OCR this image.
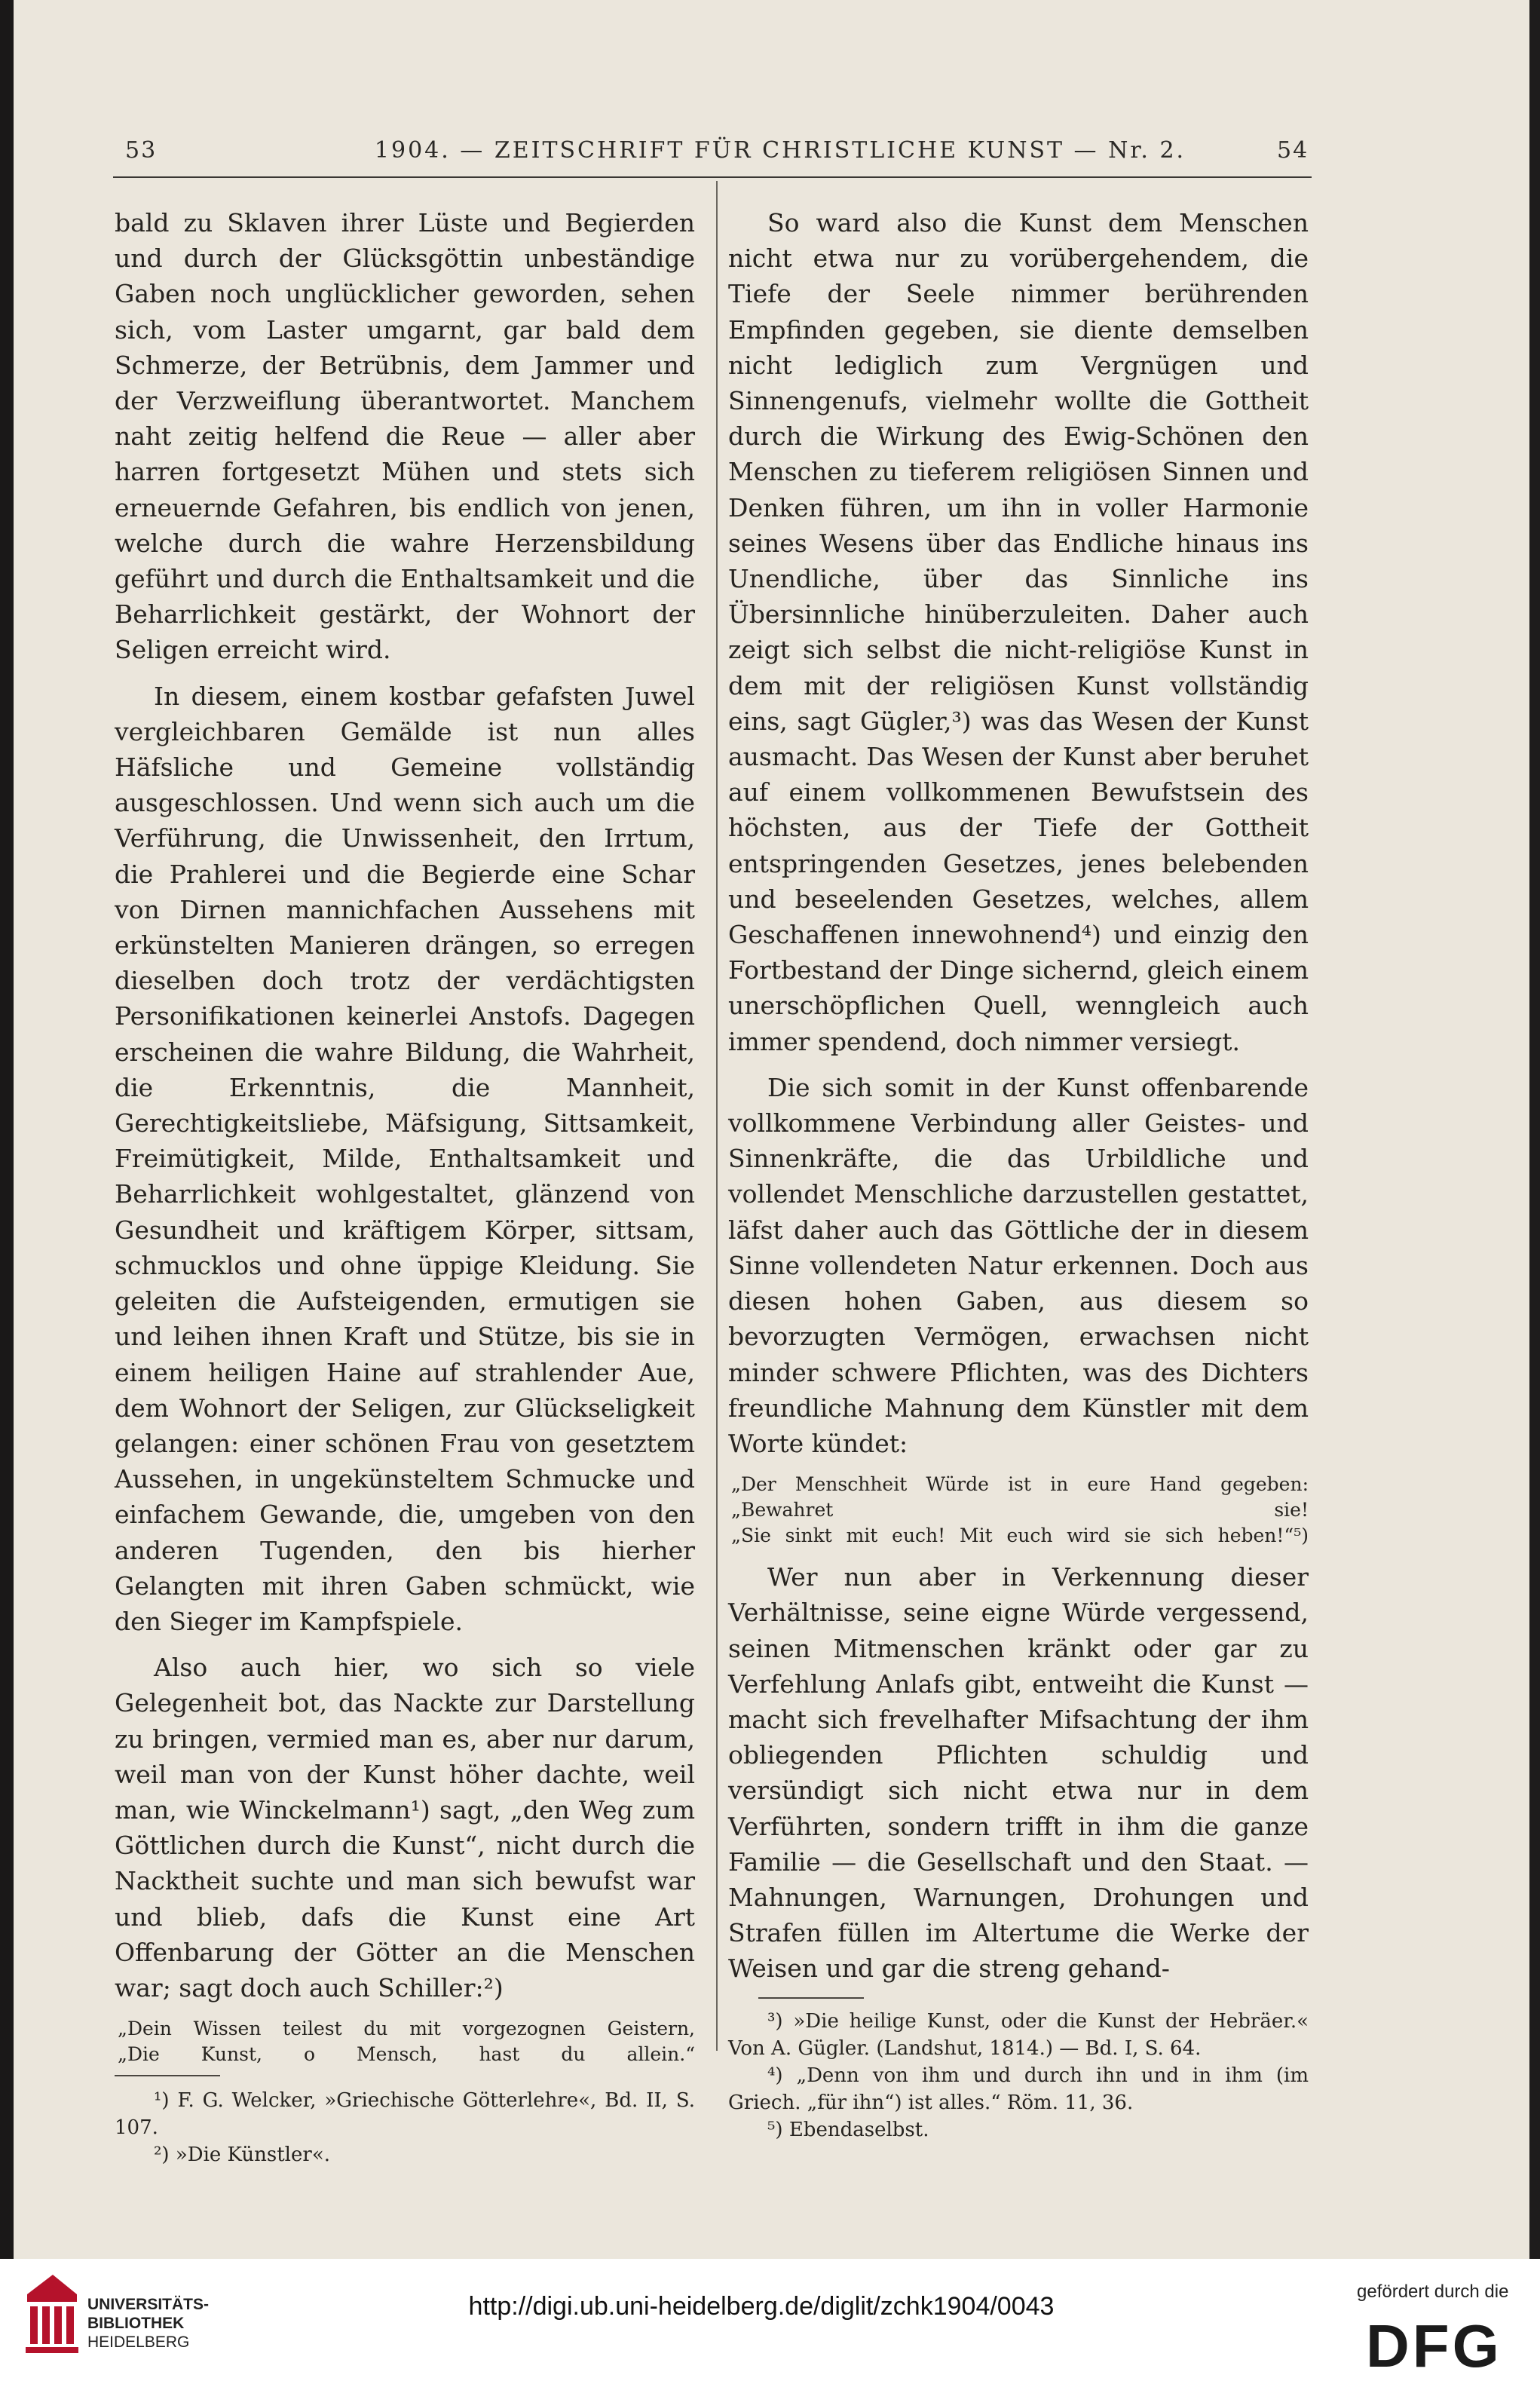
53	1904. — ZEITSCHRIFT FÜR CHRISTLICHE KUNST — Nr. 2.	54

bald zu Sklaven ihrer Lüste und Begierden und durch der Glücksgöttin unbeständige Gaben noch unglücklicher geworden, sehen sich, vom Laster umgarnt, gar bald dem Schmerze, der Betrübnis, dem Jammer und der Verzweiflung überantwortet. Manchem naht zeitig helfend die Reue — aller aber harren fortgesetzt Mühen und stets sich erneuernde Gefahren, bis endlich von jenen, welche durch die wahre Herzensbildung geführt und durch die Enthaltsamkeit und die Beharrlichkeit gestärkt, der Wohnort der Seligen erreicht wird.

In diesem, einem kostbar gefafsten Juwel vergleichbaren Gemälde ist nun alles Häfsliche und Gemeine vollständig ausgeschlossen. Und wenn sich auch um die Verführung, die Unwissenheit, den Irrtum, die Prahlerei und die Begierde eine Schar von Dirnen mannichfachen Aussehens mit erkünstelten Manieren drängen, so erregen dieselben doch trotz der verdächtigsten Personifikationen keinerlei Anstofs. Dagegen erscheinen die wahre Bildung, die Wahrheit, die Erkenntnis, die Mannheit, Gerechtigkeitsliebe, Mäfsigung, Sittsamkeit, Freimütigkeit, Milde, Enthaltsamkeit und Beharrlichkeit wohlgestaltet, glänzend von Gesundheit und kräftigem Körper, sittsam, schmucklos und ohne üppige Kleidung. Sie geleiten die Aufsteigenden, ermutigen sie und leihen ihnen Kraft und Stütze, bis sie in einem heiligen Haine auf strahlender Aue, dem Wohnort der Seligen, zur Glückseligkeit gelangen: einer schönen Frau von gesetztem Aussehen, in ungekünsteltem Schmucke und einfachem Gewande, die, umgeben von den anderen Tugenden, den bis hierher Gelangten mit ihren Gaben schmückt, wie den Sieger im Kampfspiele.

Also auch hier, wo sich so viele Gelegenheit bot, das Nackte zur Darstellung zu bringen, vermied man es, aber nur darum, weil man von der Kunst höher dachte, weil man, wie Winckelmann¹) sagt, „den Weg zum Göttlichen durch die Kunst“, nicht durch die Nacktheit suchte und man sich bewufst war und blieb, dafs die Kunst eine Art Offenbarung der Götter an die Menschen war; sagt doch auch Schiller:²)

„Dein Wissen teilest du mit vorgezognen Geistern,

„Die Kunst, o Mensch, hast du allein.“

¹) F. G. Welcker, »Griechische Götterlehre«, Bd. II, S. 107.

²) »Die Künstler«.

So ward also die Kunst dem Menschen nicht etwa nur zu vorübergehendem, die Tiefe der Seele nimmer berührenden Empfinden gegeben, sie diente demselben nicht lediglich zum Vergnügen und Sinnengenufs, vielmehr wollte die Gottheit durch die Wirkung des Ewig-Schönen den Menschen zu tieferem religiösen Sinnen und Denken führen, um ihn in voller Harmonie seines Wesens über das Endliche hinaus ins Unendliche, über das Sinnliche ins Übersinnliche hinüberzuleiten. Daher auch zeigt sich selbst die nicht-religiöse Kunst in dem mit der religiösen Kunst vollständig eins, sagt Gügler,³) was das Wesen der Kunst ausmacht. Das Wesen der Kunst aber beruhet auf einem vollkommenen Bewufstsein des höchsten, aus der Tiefe der Gottheit entspringenden Gesetzes, jenes belebenden und beseelenden Gesetzes, welches, allem Geschaffenen innewohnend⁴) und einzig den Fortbestand der Dinge sichernd, gleich einem unerschöpflichen Quell, wenngleich auch immer spendend, doch nimmer versiegt.

Die sich somit in der Kunst offenbarende vollkommene Verbindung aller Geistes- und Sinnenkräfte, die das Urbildliche und vollendet Menschliche darzustellen gestattet, läfst daher auch das Göttliche der in diesem Sinne vollendeten Natur erkennen. Doch aus diesen hohen Gaben, aus diesem so bevorzugten Vermögen, erwachsen nicht minder schwere Pflichten, was des Dichters freundliche Mahnung dem Künstler mit dem Worte kündet:

„Der Menschheit Würde ist in eure Hand gegeben:

„Bewahret sie!

„Sie sinkt mit euch! Mit euch wird sie sich heben!“⁵)

Wer nun aber in Verkennung dieser Verhältnisse, seine eigne Würde vergessend, seinen Mitmenschen kränkt oder gar zu Verfehlung Anlafs gibt, entweiht die Kunst — macht sich frevelhafter Mifsachtung der ihm obliegenden Pflichten schuldig und versündigt sich nicht etwa nur in dem Verführten, sondern trifft in ihm die ganze Familie — die Gesellschaft und den Staat. — Mahnungen, Warnungen, Drohungen und Strafen füllen im Altertume die Werke der Weisen und gar die streng gehand-

³) »Die heilige Kunst, oder die Kunst der Hebräer.« Von A. Gügler. (Landshut, 1814.) — Bd. I, S. 64.

⁴) „Denn von ihm und durch ihn und in ihm (im Griech. „für ihn“) ist alles.“ Röm. 11, 36.

⁵) Ebendaselbst.

UNIVERSITÄTS-
BIBLIOTHEK
HEIDELBERG
http://digi.ub.uni-heidelberg.de/diglit/zchk1904/0043
gefördert durch die
DFG
